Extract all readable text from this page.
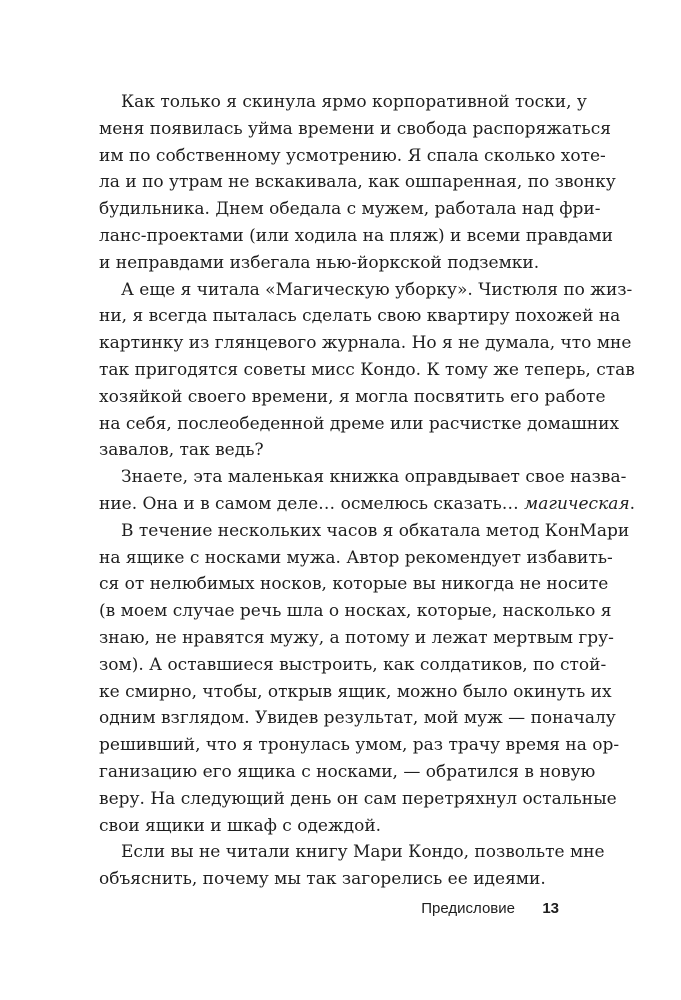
Как только я скинула ярмо корпоративной тоски, у
меня появилась уйма времени и свобода распоряжаться
им по собственному усмотрению. Я спала сколько хоте-
ла и по утрам не вскакивала, как ошпаренная, по звонку
будильника. Днем обедала с мужем, работала над фри-
ланс-проектами (или ходила на пляж) и всеми правдами
и неправдами избегала нью-йоркской подземки.
А еще я читала «Магическую уборку». Чистюля по жиз-
ни, я всегда пыталась сделать свою квартиру похожей на
картинку из глянцевого журнала. Но я не думала, что мне
так пригодятся советы мисс Кондо. К тому же теперь, став
хозяйкой своего времени, я могла посвятить его работе
на себя, послеобеденной дреме или расчистке домашних
завалов, так ведь?
Знаете, эта маленькая книжка оправдывает свое назва-
ние. Она и в самом деле… осмелюсь сказать… магическая.
В течение нескольких часов я обкатала метод КонМари
на ящике с носками мужа. Автор рекомендует избавить-
ся от нелюбимых носков, которые вы никогда не носите
(в моем случае речь шла о носках, которые, насколько я
знаю, не нравятся мужу, а потому и лежат мертвым гру-
зом). А оставшиеся выстроить, как солдатиков, по стой-
ке смирно, чтобы, открыв ящик, можно было окинуть их
одним взглядом. Увидев результат, мой муж — поначалу
решивший, что я тронулась умом, раз трачу время на ор-
ганизацию его ящика с носками, — обратился в новую
веру. На следующий день он сам перетряхнул остальные
свои ящики и шкаф с одеждой.
Если вы не читали книгу Мари Кондо, позвольте мне
объяснить, почему мы так загорелись ее идеями.
Предисловие 13
